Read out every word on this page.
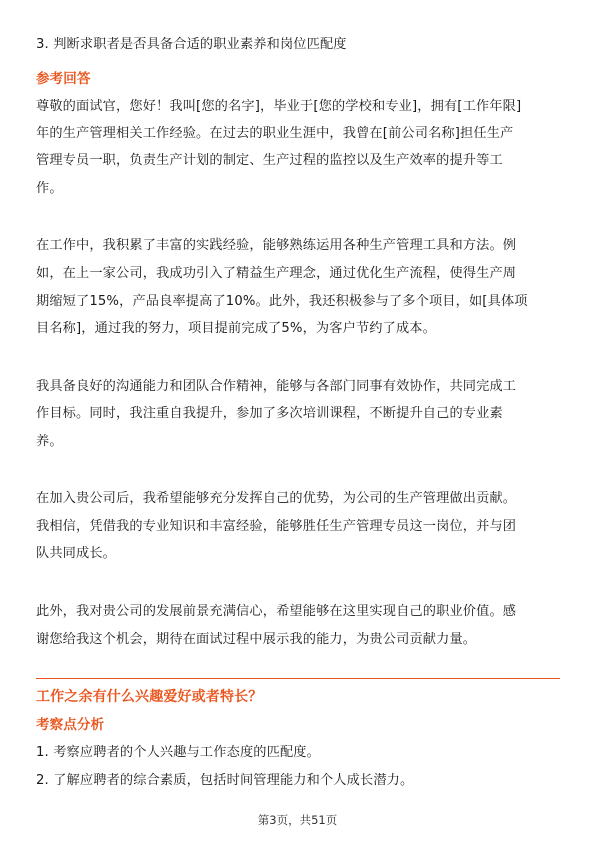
3. 判断求职者是否具备合适的职业素养和岗位匹配度
参考回答
尊敬的面试官，您好！我叫[您的名字]，毕业于[您的学校和专业]，拥有[工作年限]
年的生产管理相关工作经验。在过去的职业生涯中，我曾在[前公司名称]担任生产
管理专员一职，负责生产计划的制定、生产过程的监控以及生产效率的提升等工
作。
在工作中，我积累了丰富的实践经验，能够熟练运用各种生产管理工具和方法。例
如，在上一家公司，我成功引入了精益生产理念，通过优化生产流程，使得生产周
期缩短了15%，产品良率提高了10%。此外，我还积极参与了多个项目，如[具体项
目名称]，通过我的努力，项目提前完成了5%，为客户节约了成本。
我具备良好的沟通能力和团队合作精神，能够与各部门同事有效协作，共同完成工
作目标。同时，我注重自我提升，参加了多次培训课程，不断提升自己的专业素
养。
在加入贵公司后，我希望能够充分发挥自己的优势，为公司的生产管理做出贡献。
我相信，凭借我的专业知识和丰富经验，能够胜任生产管理专员这一岗位，并与团
队共同成长。
此外，我对贵公司的发展前景充满信心，希望能够在这里实现自己的职业价值。感
谢您给我这个机会，期待在面试过程中展示我的能力，为贵公司贡献力量。
工作之余有什么兴趣爱好或者特长？
考察点分析
1. 考察应聘者的个人兴趣与工作态度的匹配度。
2. 了解应聘者的综合素质，包括时间管理能力和个人成长潜力。
第3页，共51页
